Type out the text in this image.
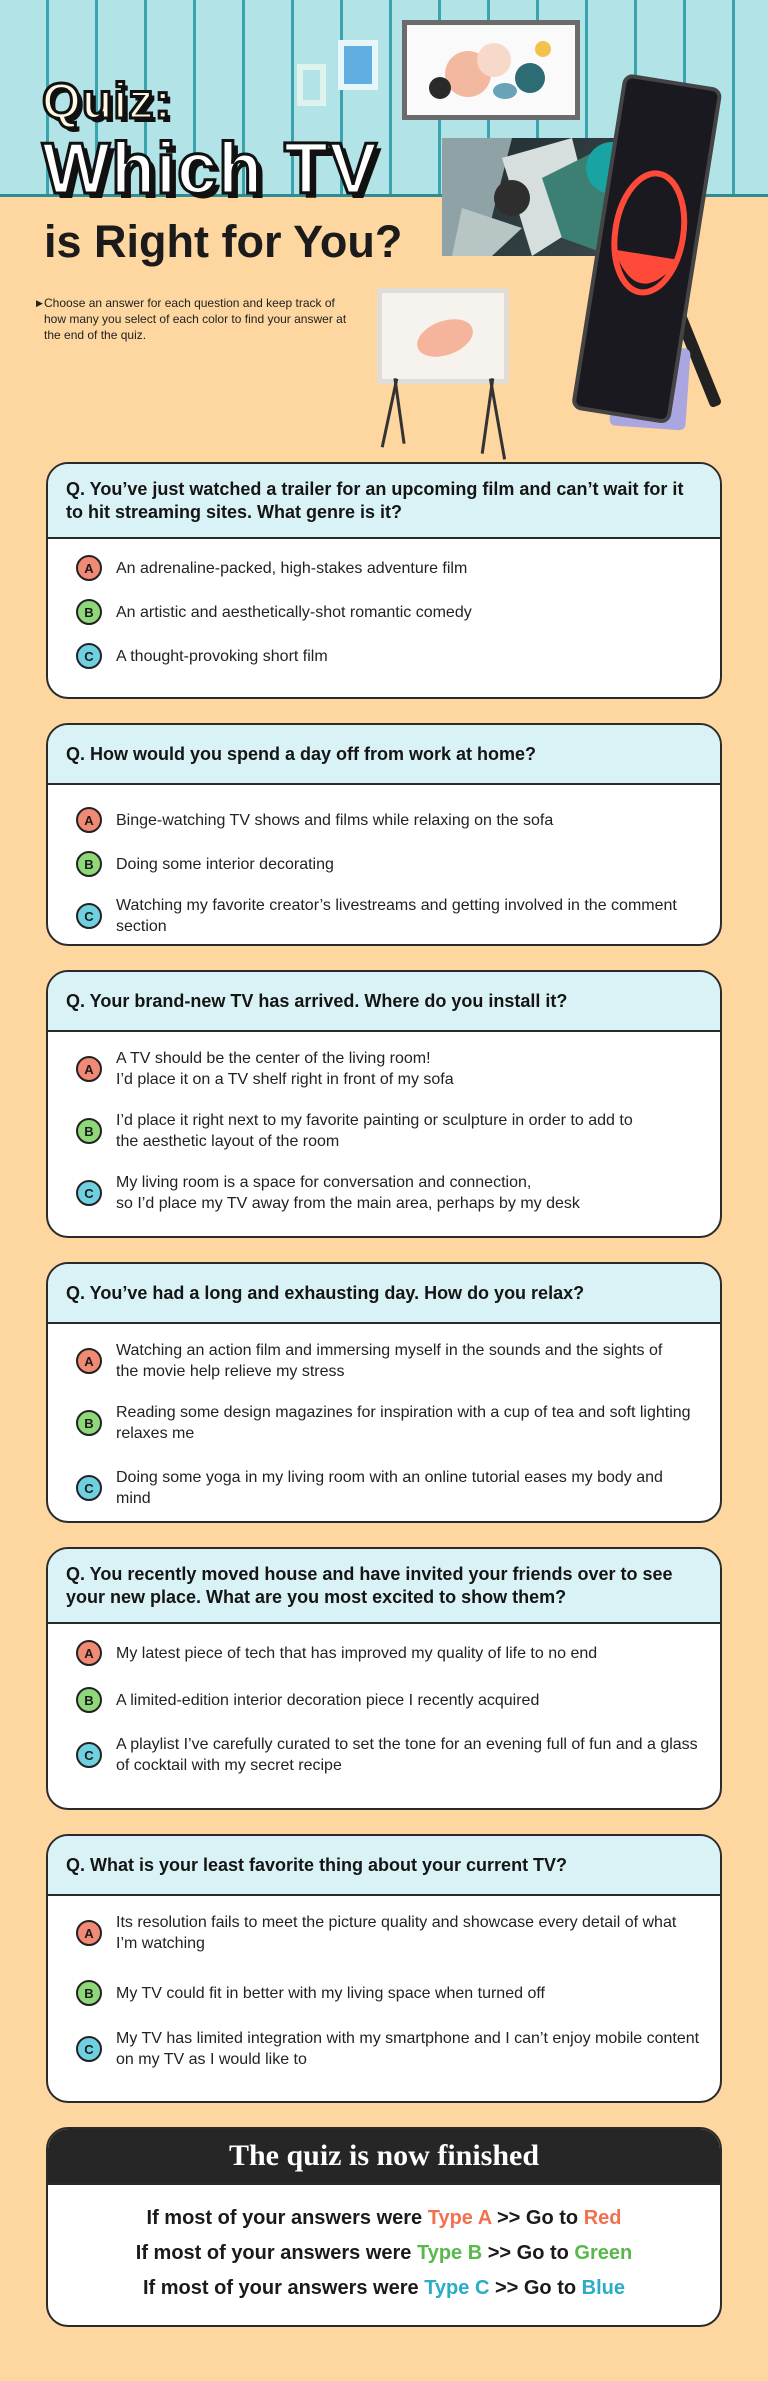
Quiz:
Which TV
is Right for You?
▶ Choose an answer for each question and keep track of how many you select of each color to find your answer at the end of the quiz.
Q. You’ve just watched a trailer for an upcoming film and can’t wait for it to hit streaming sites. What genre is it?
A	An adrenaline-packed, high-stakes adventure film
B	An artistic and aesthetically-shot romantic comedy
C	A thought-provoking short film
Q. How would you spend a day off from work at home?
A	Binge-watching TV shows and films while relaxing on the sofa
B	Doing some interior decorating
C
Watching my favorite creator’s livestreams and getting involved in the comment section
Q. Your brand-new TV has arrived. Where do you install it?
A
A TV should be the center of the living room!
I’d place it on a TV shelf right in front of my sofa
B
I’d place it right next to my favorite painting or sculpture in order to add to
the aesthetic layout of the room
C
My living room is a space for conversation and connection,
so I’d place my TV away from the main area, perhaps by my desk
Q. You’ve had a long and exhausting day. How do you relax?
A
Watching an action film and immersing myself in the sounds and the sights of
the movie help relieve my stress
B
Reading some design magazines for inspiration with a cup of tea and soft lighting
relaxes me
C
Doing some yoga in my living room with an online tutorial eases my body and mind
Q. You recently moved house and have invited your friends over to see your new place. What are you most excited to show them?
A	My latest piece of tech that has improved my quality of life to no end
B	A limited-edition interior decoration piece I recently acquired
C
A playlist I’ve carefully curated to set the tone for an evening full of fun and a glass
of cocktail with my secret recipe
Q. What is your least favorite thing about your current TV?
A
Its resolution fails to meet the picture quality and showcase every detail of what
I’m watching
B	My TV could fit in better with my living space when turned off
C
My TV has limited integration with my smartphone and I can’t enjoy mobile content
on my TV as I would like to
The quiz is now finished
If most of your answers were Type A >> Go to Red
If most of your answers were Type B >> Go to Green
If most of your answers were Type C >> Go to Blue
